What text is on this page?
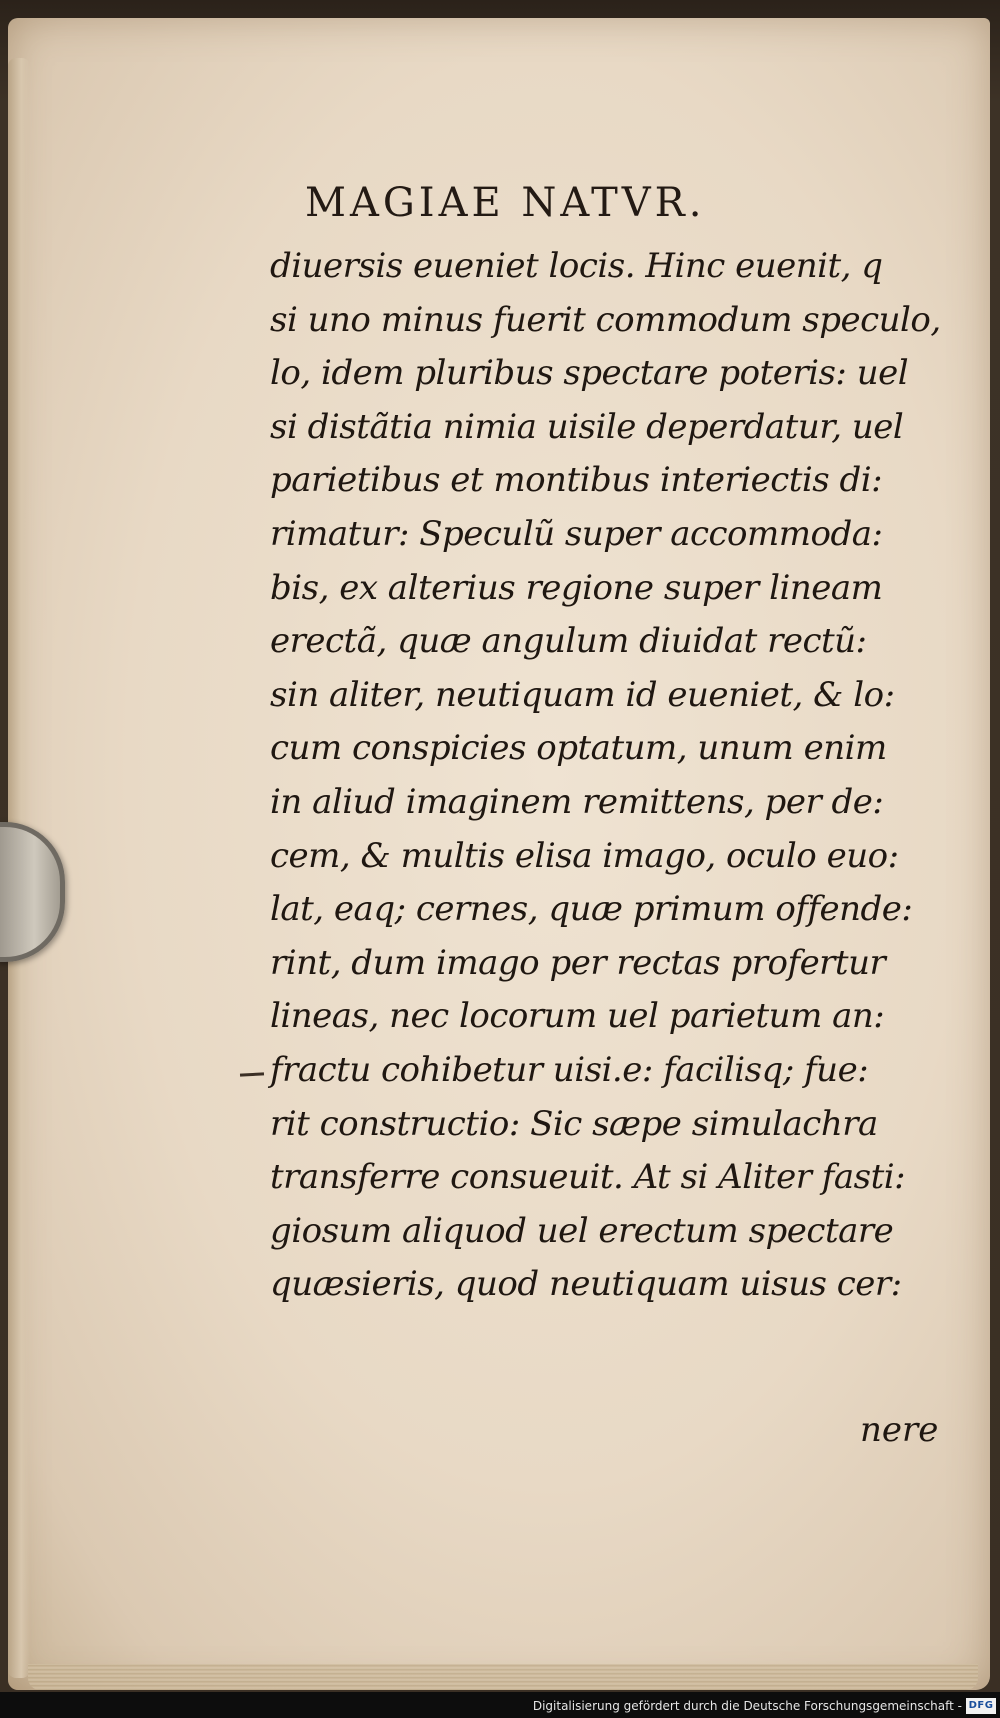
MAGIAE NATVR.
diuersis eueniet locis. Hinc euenit, q
si uno minus fuerit commodum speculo,
lo, idem pluribus spectare poteris: uel
si distãtia nimia uisile deperdatur, uel
parietibus et montibus interiectis di:
rimatur: Speculũ super accommoda:
bis, ex alterius regione super lineam
erectã, quæ angulum diuidat rectũ:
sin aliter, neutiquam id eueniet, & lo:
cum conspicies optatum, unum enim
in aliud imaginem remittens, per de:
cem, & multis elisa imago, oculo euo:
lat, eaq; cernes, quæ primum offende:
rint, dum imago per rectas profertur
lineas, nec locorum uel parietum an:
fractu cohibetur uisi.e: facilisq; fue:
rit constructio: Sic sæpe simulachra
transferre consueuit. At si Aliter fasti:
giosum aliquod uel erectum spectare
quæsieris, quod neutiquam uisus cer:
nere
Digitalisierung gefördert durch die Deutsche Forschungsgemeinschaft - DFG
